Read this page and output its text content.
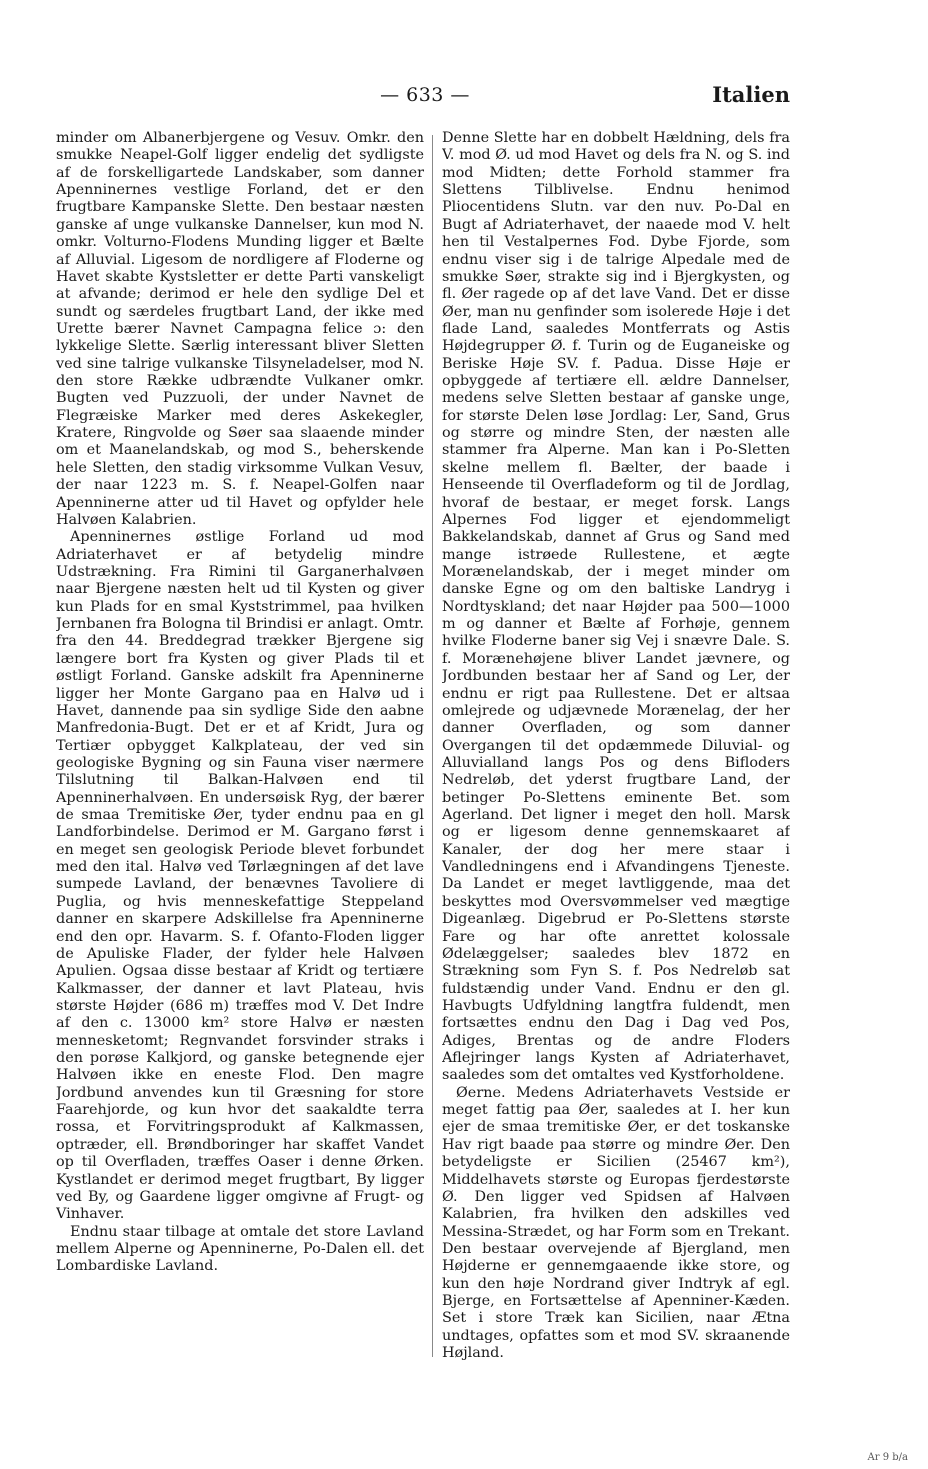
— 633 —	Italien

minder om Albanerbjergene og Vesuv. Omkr. den smukke Neapel-Golf ligger endelig det sydligste af de forskelligartede Landskaber, som danner Apenninernes vestlige Forland, det er den frugtbare Kampanske Slette. Den bestaar næsten ganske af unge vulkanske Dannelser, kun mod N. omkr. Volturno-Flodens Munding ligger et Bælte af Alluvial. Ligesom de nordligere af Floderne og Havet skabte Kystsletter er dette Parti vanskeligt at afvande; derimod er hele den sydlige Del et sundt og særdeles frugtbart Land, der ikke med Urette bærer Navnet Campagna felice ɔ: den lykkelige Slette. Særlig interessant bliver Sletten ved sine talrige vulkanske Tilsyneladelser, mod N. den store Række udbrændte Vulkaner omkr. Bugten ved Puzzuoli, der under Navnet de Flegræiske Marker med deres Askekegler, Kratere, Ringvolde og Søer saa slaaende minder om et Maanelandskab, og mod S., beherskende hele Sletten, den stadig virksomme Vulkan Vesuv, der naar 1223 m. S. f. Neapel-Golfen naar Apenninerne atter ud til Havet og opfylder hele Halvøen Kalabrien.

Apenninernes østlige Forland ud mod Adriaterhavet er af betydelig mindre Udstrækning. Fra Rimini til Garganerhalvøen naar Bjergene næsten helt ud til Kysten og giver kun Plads for en smal Kyststrimmel, paa hvilken Jernbanen fra Bologna til Brindisi er anlagt. Omtr. fra den 44. Breddegrad trækker Bjergene sig længere bort fra Kysten og giver Plads til et østligt Forland. Ganske adskilt fra Apenninerne ligger her Monte Gargano paa en Halvø ud i Havet, dannende paa sin sydlige Side den aabne Manfredonia-Bugt. Det er et af Kridt, Jura og Tertiær opbygget Kalkplateau, der ved sin geologiske Bygning og sin Fauna viser nærmere Tilslutning til Balkan-Halvøen end til Apenninerhalvøen. En undersøisk Ryg, der bærer de smaa Tremitiske Øer, tyder endnu paa en gl Landforbindelse. Derimod er M. Gargano først i en meget sen geologisk Periode blevet forbundet med den ital. Halvø ved Tørlægningen af det lave sumpede Lavland, der benævnes Tavoliere di Puglia, og hvis menneskefattige Steppeland danner en skarpere Adskillelse fra Apenninerne end den opr. Havarm. S. f. Ofanto-Floden ligger de Apuliske Flader, der fylder hele Halvøen Apulien. Ogsaa disse bestaar af Kridt og tertiære Kalkmasser, der danner et lavt Plateau, hvis største Højder (686 m) træffes mod V. Det Indre af den c. 13000 km² store Halvø er næsten mennesketomt; Regnvandet forsvinder straks i den porøse Kalkjord, og ganske betegnende ejer Halvøen ikke en eneste Flod. Den magre Jordbund anvendes kun til Græsning for store Faarehjorde, og kun hvor det saakaldte terra rossa, et Forvitringsprodukt af Kalkmassen, optræder, ell. Brøndboringer har skaffet Vandet op til Overfladen, træffes Oaser i denne Ørken. Kystlandet er derimod meget frugtbart, By ligger ved By, og Gaardene ligger omgivne af Frugt- og Vinhaver.

Endnu staar tilbage at omtale det store Lavland mellem Alperne og Apenninerne, Po-Dalen ell. det Lombardiske Lavland.

Denne Slette har en dobbelt Hældning, dels fra V. mod Ø. ud mod Havet og dels fra N. og S. ind mod Midten; dette Forhold stammer fra Slettens Tilblivelse. Endnu henimod Pliocentidens Slutn. var den nuv. Po-Dal en Bugt af Adriaterhavet, der naaede mod V. helt hen til Vestalpernes Fod. Dybe Fjorde, som endnu viser sig i de talrige Alpedale med de smukke Søer, strakte sig ind i Bjergkysten, og fl. Øer ragede op af det lave Vand. Det er disse Øer, man nu genfinder som isolerede Høje i det flade Land, saaledes Montferrats og Astis Højdegrupper Ø. f. Turin og de Euganeiske og Beriske Høje SV. f. Padua. Disse Høje er opbyggede af tertiære ell. ældre Dannelser, medens selve Sletten bestaar af ganske unge, for største Delen løse Jordlag: Ler, Sand, Grus og større og mindre Sten, der næsten alle stammer fra Alperne. Man kan i Po-Sletten skelne mellem fl. Bælter, der baade i Henseende til Overfladeform og til de Jordlag, hvoraf de bestaar, er meget forsk. Langs Alpernes Fod ligger et ejendommeligt Bakkelandskab, dannet af Grus og Sand med mange istrøede Rullestene, et ægte Morænelandskab, der i meget minder om danske Egne og om den baltiske Landryg i Nordtyskland; det naar Højder paa 500—1000 m og danner et Bælte af Forhøje, gennem hvilke Floderne baner sig Vej i snævre Dale. S. f. Morænehøjene bliver Landet jævnere, og Jordbunden bestaar her af Sand og Ler, der endnu er rigt paa Rullestene. Det er altsaa omlejrede og udjævnede Morænelag, der her danner Overfladen, og som danner Overgangen til det opdæmmede Diluvial- og Alluvialland langs Pos og dens Bifloders Nedreløb, det yderst frugtbare Land, der betinger Po-Slettens eminente Bet. som Agerland. Det ligner i meget den holl. Marsk og er ligesom denne gennemskaaret af Kanaler, der dog her mere staar i Vandledningens end i Afvandingens Tjeneste. Da Landet er meget lavtliggende, maa det beskyttes mod Oversvømmelser ved mægtige Digeanlæg. Digebrud er Po-Slettens største Fare og har ofte anrettet kolossale Ødelæggelser; saaledes blev 1872 en Strækning som Fyn S. f. Pos Nedreløb sat fuldstændig under Vand. Endnu er den gl. Havbugts Udfyldning langtfra fuldendt, men fortsættes endnu den Dag i Dag ved Pos, Adiges, Brentas og de andre Floders Aflejringer langs Kysten af Adriaterhavet, saaledes som det omtaltes ved Kystforholdene.

Øerne. Medens Adriaterhavets Vestside er meget fattig paa Øer, saaledes at I. her kun ejer de smaa tremitiske Øer, er det toskanske Hav rigt baade paa større og mindre Øer. Den betydeligste er Sicilien (25467 km²), Middelhavets største og Europas fjerdestørste Ø. Den ligger ved Spidsen af Halvøen Kalabrien, fra hvilken den adskilles ved Messina-Strædet, og har Form som en Trekant. Den bestaar overvejende af Bjergland, men Højderne er gennemgaaende ikke store, og kun den høje Nordrand giver Indtryk af egl. Bjerge, en Fortsættelse af Apenniner-Kæden. Set i store Træk kan Sicilien, naar Ætna undtages, opfattes som et mod SV. skraanende Højland.

Ar 9 b/a
